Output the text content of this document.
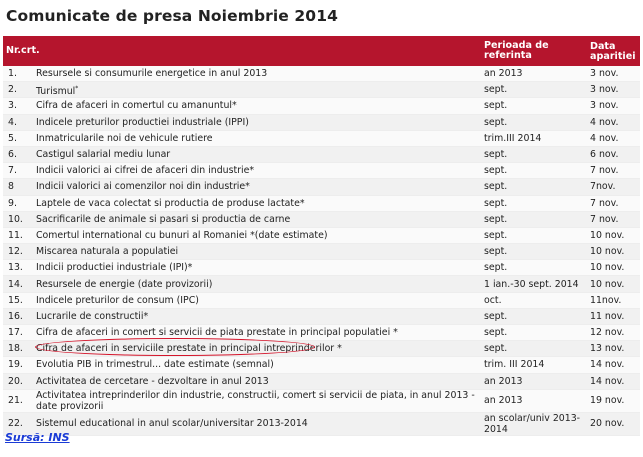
Comunicate de presa Noiembrie 2014
Nr.crt.		Perioada de referinta	Data aparitiei
1.	Resursele si consumurile energetice in anul 2013	an 2013	3 nov.
2.	Turismul*	sept.	3 nov.
3.	Cifra de afaceri in comertul cu amanuntul*	sept.	3 nov.
4.	Indicele preturilor productiei industriale (IPPI)	sept.	4 nov.
5.	Inmatricularile noi de vehicule rutiere	trim.III 2014	4 nov.
6.	Castigul salarial mediu lunar	sept.	6 nov.
7.	Indicii valorici ai cifrei de afaceri din industrie*	sept.	7 nov.
8	Indicii valorici ai comenzilor noi din industrie*	sept.	7nov.
9.	Laptele de vaca colectat si productia de produse lactate*	sept.	7 nov.
10.	Sacrificarile de animale si pasari si productia de carne	sept.	7 nov.
11.	Comertul international cu bunuri al Romaniei *(date estimate)	sept.	10 nov.
12.	Miscarea naturala a populatiei	sept.	10 nov.
13.	Indicii productiei industriale (IPI)*	sept.	10 nov.
14.	Resursele de energie (date provizorii)	1 ian.-30 sept. 2014	10 nov.
15.	Indicele preturilor de consum (IPC)	oct.	11nov.
16.	Lucrarile de constructii*	sept.	11 nov.
17.	Cifra de afaceri in comert si servicii de piata prestate in principal populatiei *	sept.	12 nov.
18.	Cifra de afaceri in serviciile prestate in principal intreprinderilor *	sept.	13 nov.
19.	Evolutia PIB in trimestrul... date estimate (semnal)	trim. III 2014	14 nov.
20.	Activitatea de cercetare - dezvoltare in anul 2013	an 2013	14 nov.
21.	Activitatea intreprinderilor din industrie, constructii, comert si servicii de piata, in anul 2013 - date provizorii	an 2013	19 nov.
22.	Sistemul educational in anul scolar/universitar 2013-2014	an scolar/univ 2013-2014	20 nov.
Sursă: INS
